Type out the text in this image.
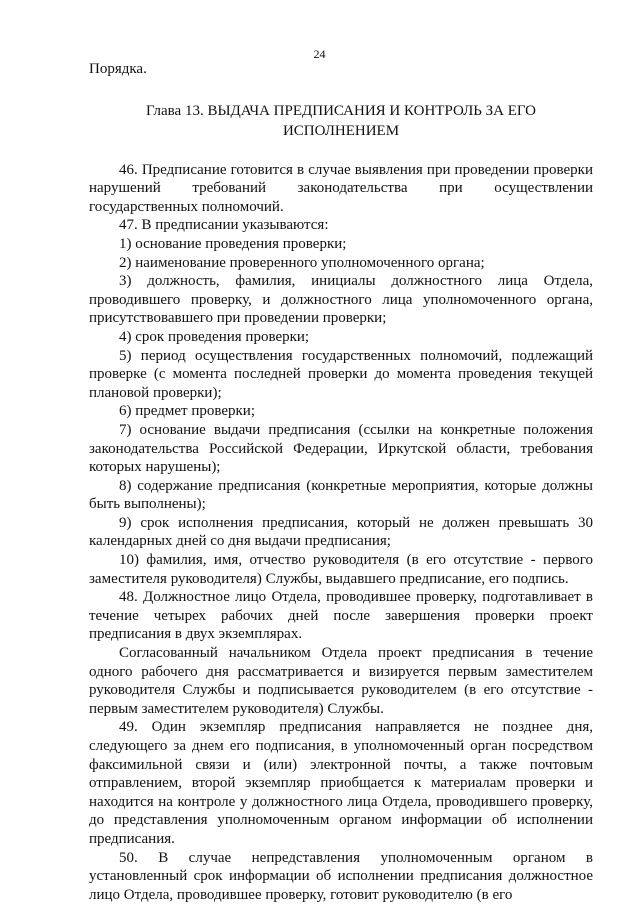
24

Порядка.

Глава 13. ВЫДАЧА ПРЕДПИСАНИЯ И КОНТРОЛЬ ЗА ЕГО
ИСПОЛНЕНИЕМ

46. Предписание готовится в случае выявления при проведении проверки нарушений требований законодательства при осуществлении государственных полномочий.

47. В предписании указываются:

1) основание проведения проверки;

2) наименование проверенного уполномоченного органа;

3) должность, фамилия, инициалы должностного лица Отдела, проводившего проверку, и должностного лица уполномоченного органа, присутствовавшего при проведении проверки;

4) срок проведения проверки;

5) период осуществления государственных полномочий, подлежащий проверке (с момента последней проверки до момента проведения текущей плановой проверки);

6) предмет проверки;

7) основание выдачи предписания (ссылки на конкретные положения законодательства Российской Федерации, Иркутской области, требования которых нарушены);

8) содержание предписания (конкретные мероприятия, которые должны быть выполнены);

9) срок исполнения предписания, который не должен превышать 30 календарных дней со дня выдачи предписания;

10) фамилия, имя, отчество руководителя (в его отсутствие - первого заместителя руководителя) Службы, выдавшего предписание, его подпись.

48. Должностное лицо Отдела, проводившее проверку, подготавливает в течение четырех рабочих дней после завершения проверки проект предписания в двух экземплярах.

Согласованный начальником Отдела проект предписания в течение одного рабочего дня рассматривается и визируется первым заместителем руководителя Службы и подписывается руководителем (в его отсутствие - первым заместителем руководителя) Службы.

49. Один экземпляр предписания направляется не позднее дня, следующего за днем его подписания, в уполномоченный орган посредством факсимильной связи и (или) электронной почты, а также почтовым отправлением, второй экземпляр приобщается к материалам проверки и находится на контроле у должностного лица Отдела, проводившего проверку, до представления уполномоченным органом информации об исполнении предписания.

50. В случае непредставления уполномоченным органом в установленный срок информации об исполнении предписания должностное лицо Отдела, проводившее проверку, готовит руководителю (в его
